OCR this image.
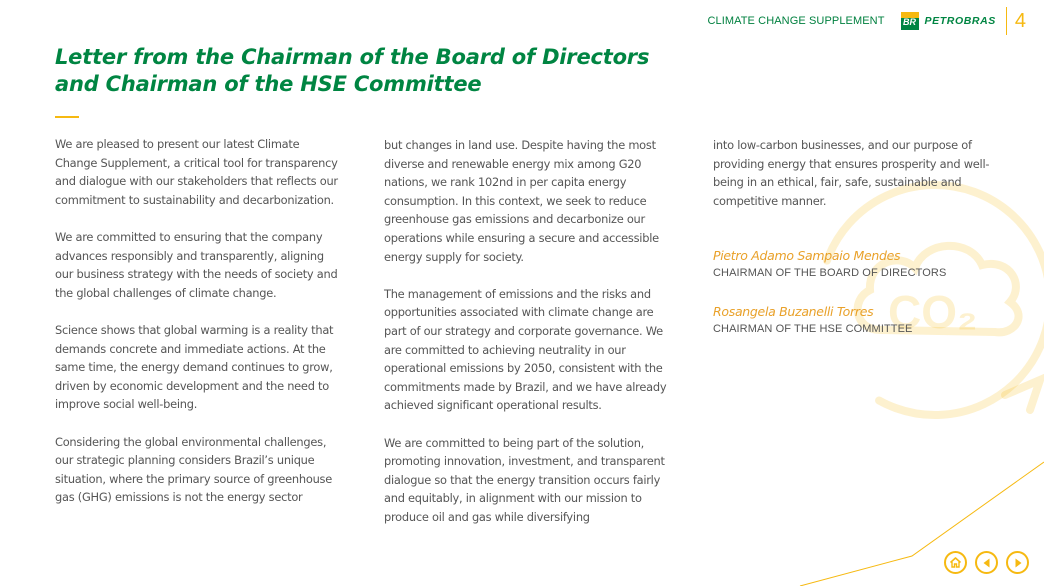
CO₂
CLIMATE CHANGE SUPPLEMENT BR PETROBRAS 4
Letter from the Chairman of the Board of Directors
and Chairman of the HSE Committee

We are pleased to present our latest Climate Change Supplement, a critical tool for transparency and dialogue with our stakeholders that reflects our commitment to sustainability and decarbonization.

We are committed to ensuring that the company advances responsibly and transparently, aligning our business strategy with the needs of society and the global challenges of climate change.

Science shows that global warming is a reality that demands concrete and immediate actions. At the same time, the energy demand continues to grow, driven by economic development and the need to improve social well-being.

Considering the global environmental challenges, our strategic planning considers Brazil’s unique situation, where the primary source of greenhouse gas (GHG) emissions is not the energy sector

but changes in land use. Despite having the most diverse and renewable energy mix among G20 nations, we rank 102nd in per capita energy consumption. In this context, we seek to reduce greenhouse gas emissions and decarbonize our operations while ensuring a secure and accessible energy supply for society.

The management of emissions and the risks and opportunities associated with climate change are part of our strategy and corporate governance. We are committed to achieving neutrality in our operational emissions by 2050, consistent with the commitments made by Brazil, and we have already achieved significant operational results.

We are committed to being part of the solution, promoting innovation, investment, and transparent dialogue so that the energy transition occurs fairly and equitably, in alignment with our mission to produce oil and gas while diversifying

into low-carbon businesses, and our purpose of providing energy that ensures prosperity and well-being in an ethical, fair, safe, sustainable and competitive manner.

Pietro Adamo Sampaio Mendes
CHAIRMAN OF THE BOARD OF DIRECTORS
Rosangela Buzanelli Torres
CHAIRMAN OF THE HSE COMMITTEE
